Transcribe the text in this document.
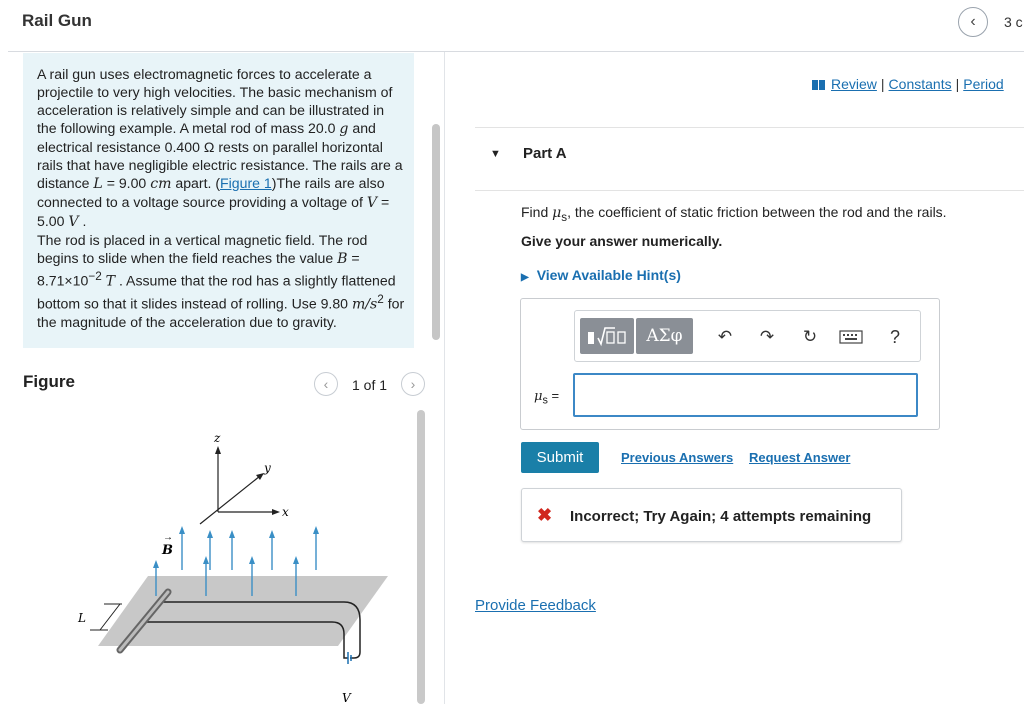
Rail Gun	‹ 3 c
A rail gun uses electromagnetic forces to accelerate a projectile to very high velocities. The basic mechanism of acceleration is relatively simple and can be illustrated in the following example. A metal rod of mass 20.0 g and electrical resistance 0.400 Ω rests on parallel horizontal rails that have negligible electric resistance. The rails are a distance L = 9.00 cm apart. (Figure 1)The rails are also connected to a voltage source providing a voltage of V = 5.00 V .
The rod is placed in a vertical magnetic field. The rod begins to slide when the field reaches the value $B = 8.71\times 10^{-2}$ T . Assume that the rod has a slightly flattened bottom so that it slides instead of rolling. Use 9.80 $m/s^2$ for the magnitude of the acceleration due to gravity.
Figure	‹ 1 of 1 ›
z
y
x
V
L
B
→
Review | Constants | Period
▼ Part A
Find $\mu_s$, the coefficient of static friction between the rod and the rails.
Give your answer numerically.
▶ View Available Hint(s)
ΑΣφ	↶	↷	↻	?
$\mu_s$ =
Submit	Previous Answers Request Answer
✖ Incorrect; Try Again; 4 attempts remaining
Provide Feedback
